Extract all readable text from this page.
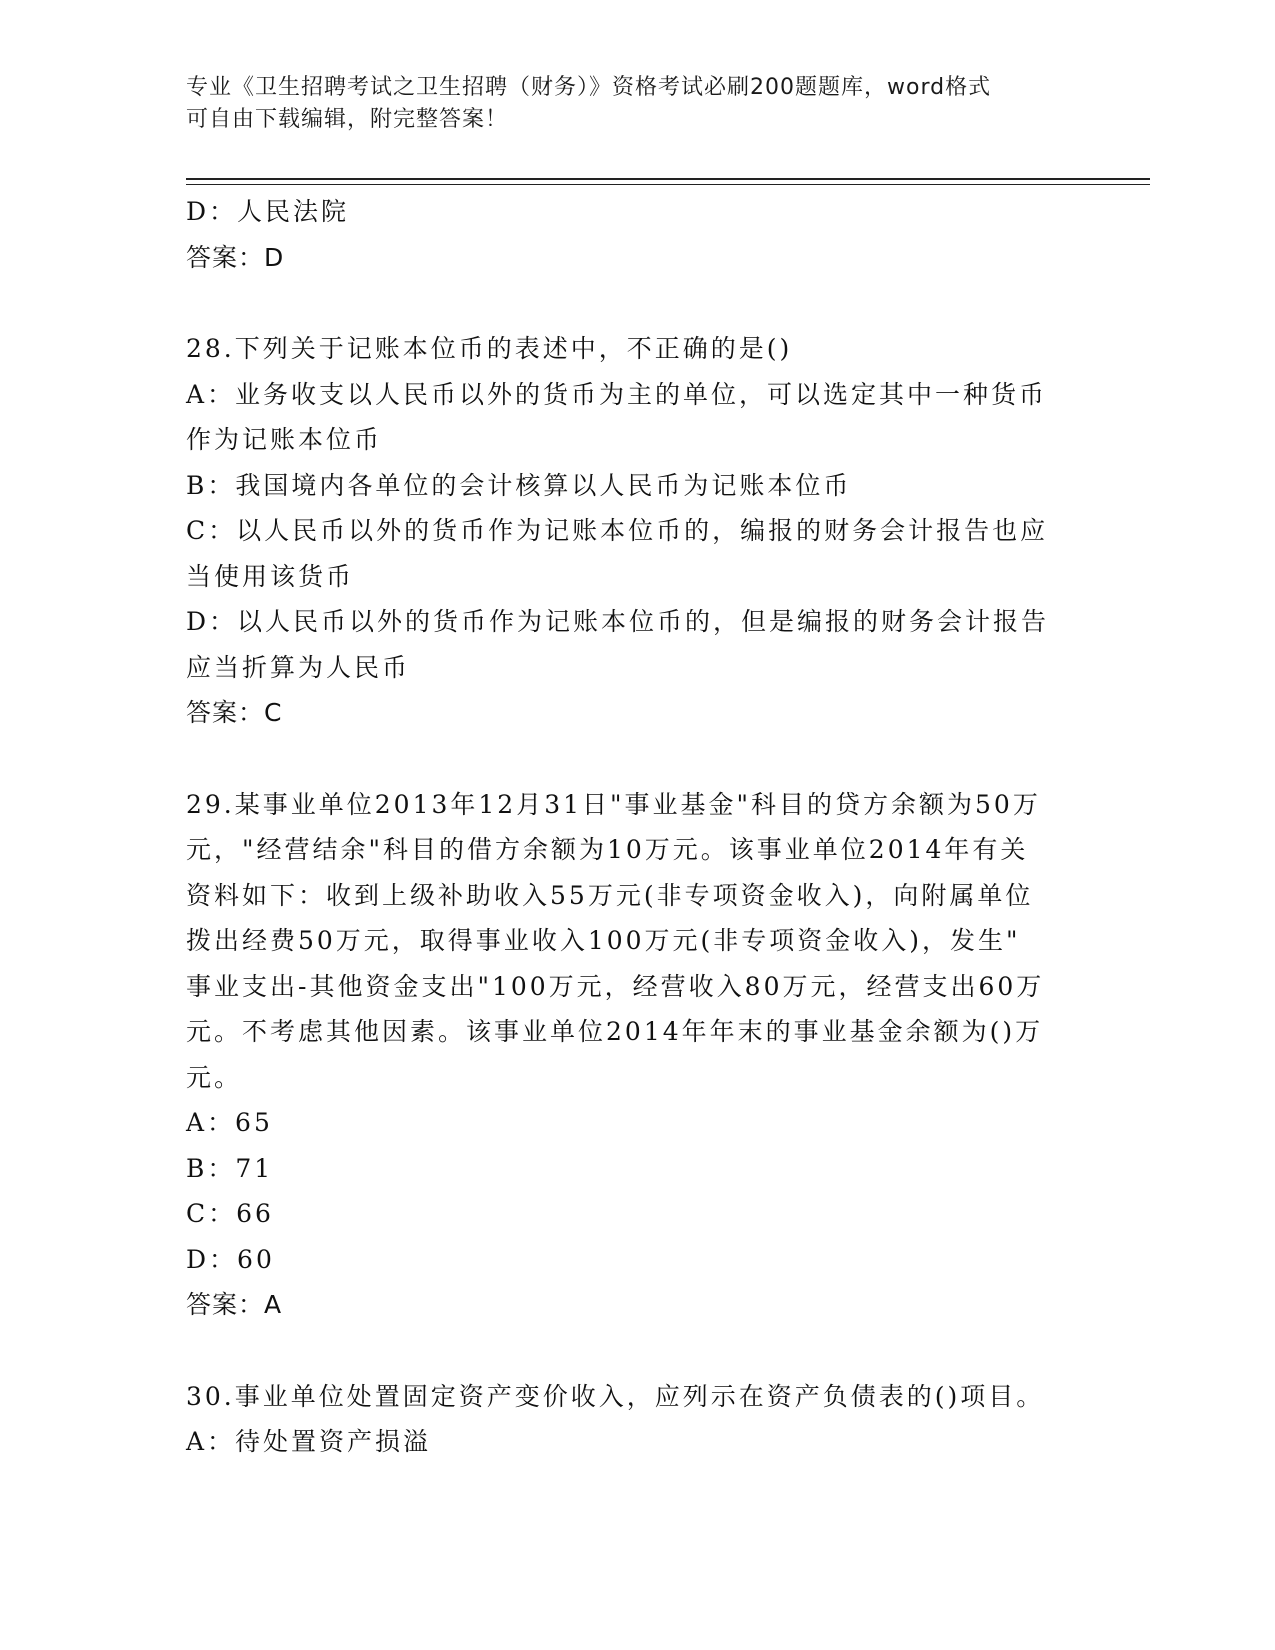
专业《卫生招聘考试之卫生招聘（财务）》资格考试必刷200题题库，word格式
可自由下载编辑，附完整答案！
D：人民法院
答案：D
28.下列关于记账本位币的表述中，不正确的是()
A：业务收支以人民币以外的货币为主的单位，可以选定其中一种货币
作为记账本位币
B：我国境内各单位的会计核算以人民币为记账本位币
C：以人民币以外的货币作为记账本位币的，编报的财务会计报告也应
当使用该货币
D：以人民币以外的货币作为记账本位币的，但是编报的财务会计报告
应当折算为人民币
答案：C
29.某事业单位2013年12月31日"事业基金"科目的贷方余额为50万
元，"经营结余"科目的借方余额为10万元。该事业单位2014年有关
资料如下：收到上级补助收入55万元(非专项资金收入)，向附属单位
拨出经费50万元，取得事业收入100万元(非专项资金收入)，发生"
事业支出-其他资金支出"100万元，经营收入80万元，经营支出60万
元。不考虑其他因素。该事业单位2014年年末的事业基金余额为()万
元。
A：65
B：71
C：66
D：60
答案：A
30.事业单位处置固定资产变价收入，应列示在资产负债表的()项目。
A：待处置资产损溢
